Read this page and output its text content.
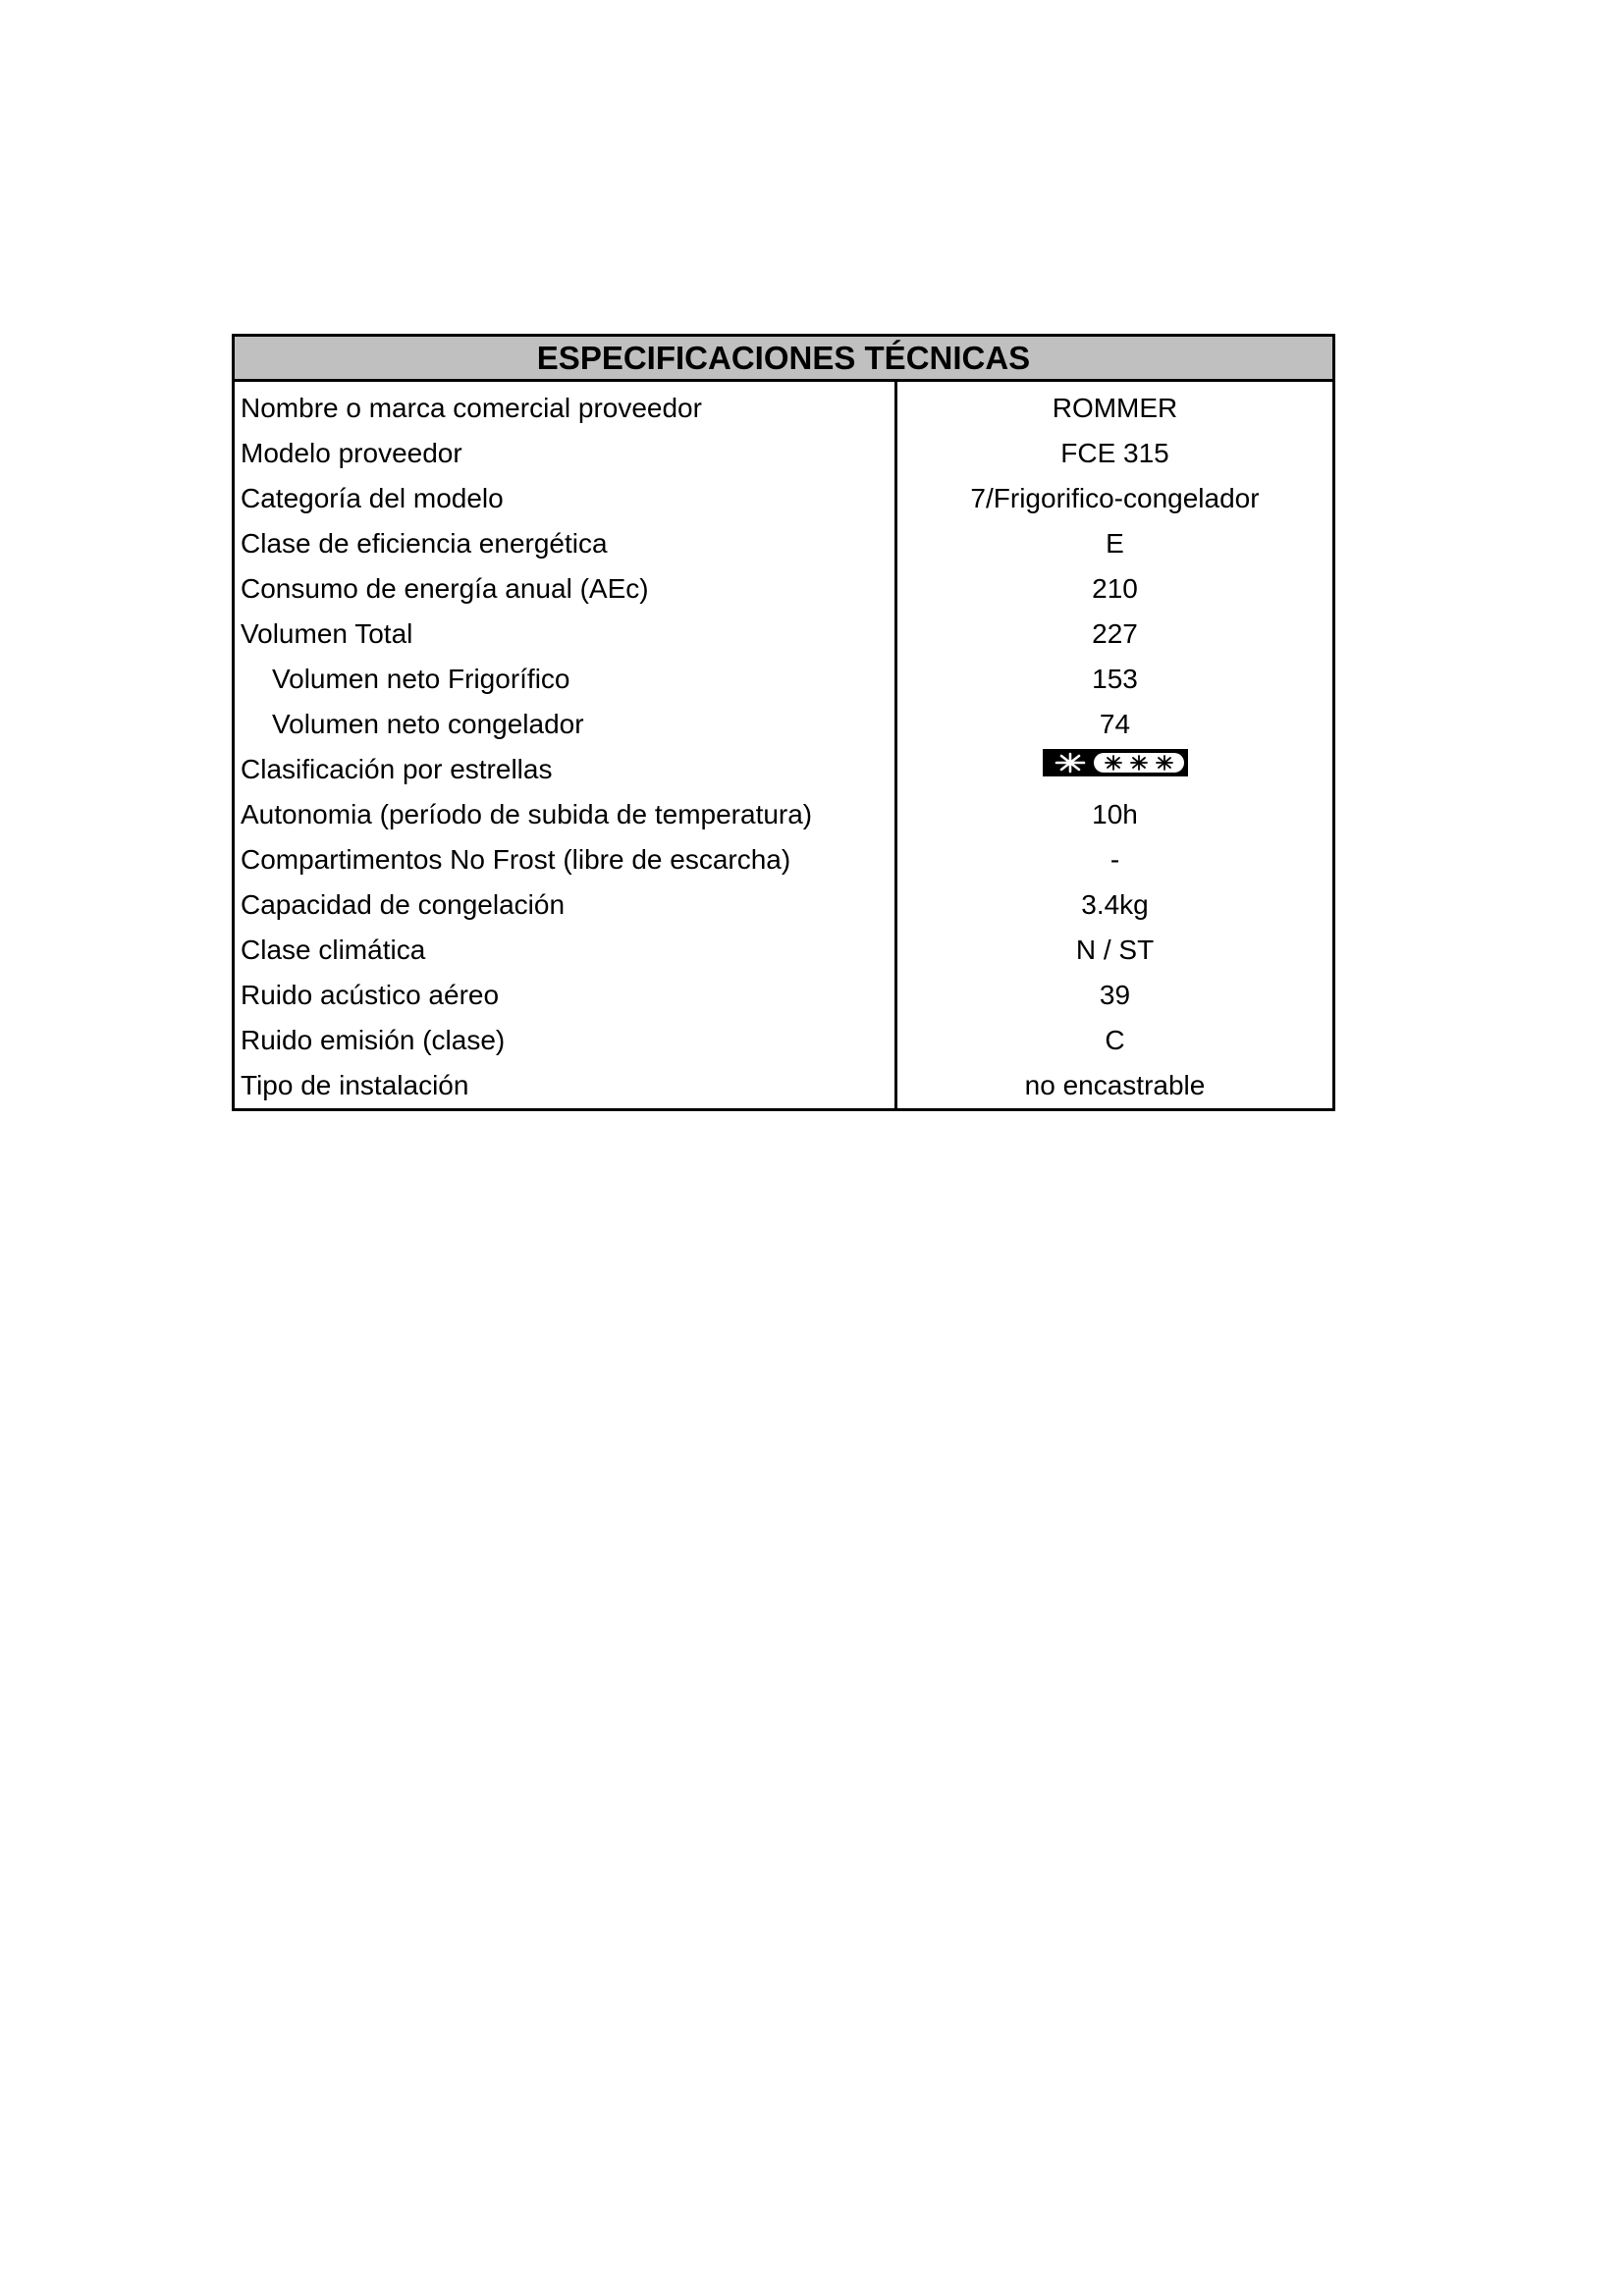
ESPECIFICACIONES TÉCNICAS
Nombre o marca comercial proveedor	ROMMER
Modelo proveedor	FCE 315
Categoría del modelo	7/Frigorifico-congelador
Clase de eficiencia energética	E
Consumo de energía anual (AEc)	210
Volumen Total	227
Volumen neto Frigorífico	153
Volumen neto congelador	74
Clasificación por estrellas
Autonomia (período de subida de temperatura)	10h
Compartimentos No Frost (libre de escarcha)	-
Capacidad de congelación	3.4kg
Clase climática	N / ST
Ruido acústico aéreo	39
Ruido emisión (clase)	C
Tipo de instalación	no encastrable
